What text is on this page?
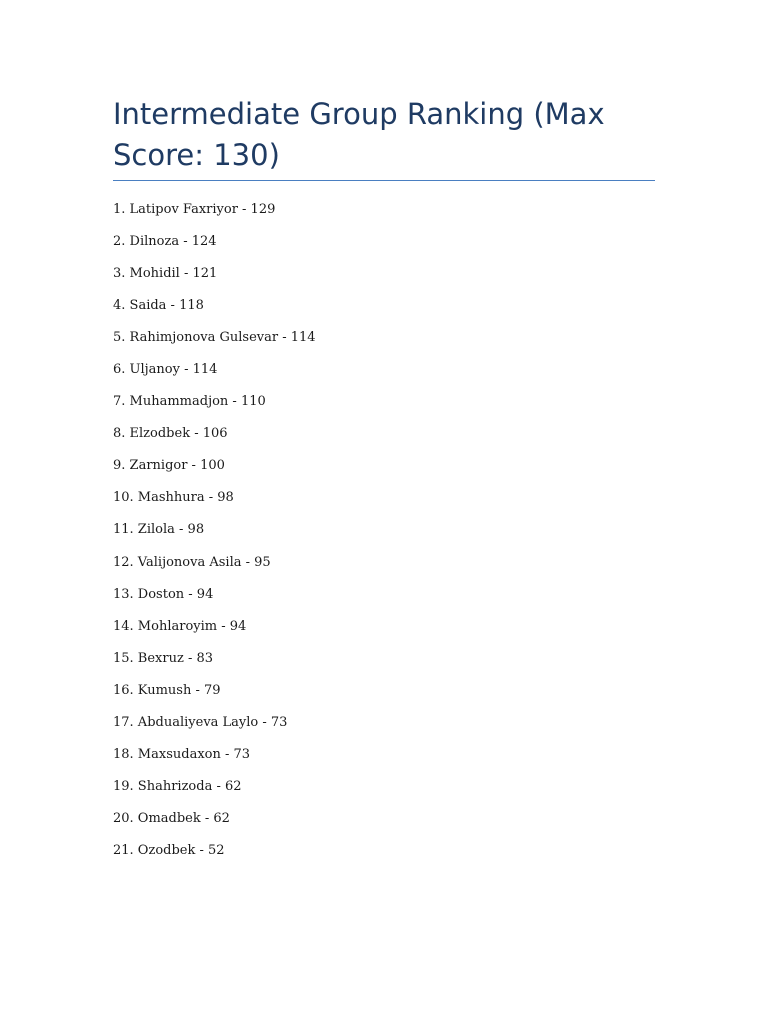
Intermediate Group Ranking (Max Score: 130)
1. Latipov Faxriyor - 129
2. Dilnoza - 124
3. Mohidil - 121
4. Saida - 118
5. Rahimjonova Gulsevar - 114
6. Uljanoy - 114
7. Muhammadjon - 110
8. Elzodbek - 106
9. Zarnigor - 100
10. Mashhura - 98
11. Zilola - 98
12. Valijonova Asila - 95
13. Doston - 94
14. Mohlaroyim - 94
15. Bexruz - 83
16. Kumush - 79
17. Abdualiyeva Laylo - 73
18. Maxsudaxon - 73
19. Shahrizoda - 62
20. Omadbek - 62
21. Ozodbek - 52
